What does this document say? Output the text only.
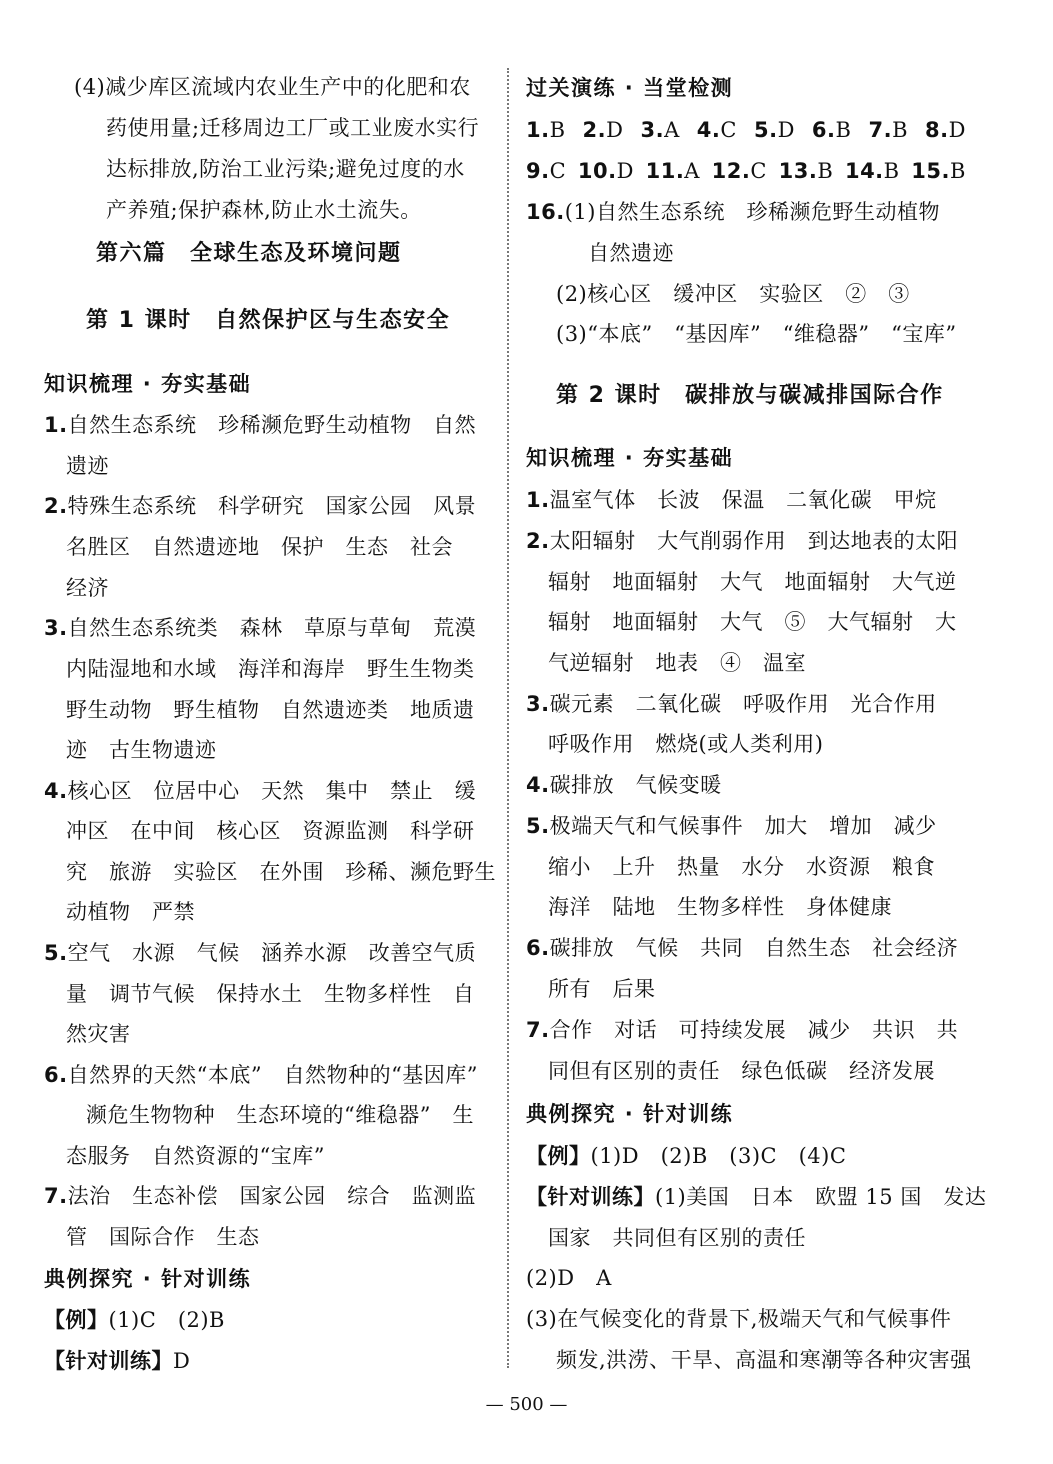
(4)减少库区流域内农业生产中的化肥和农
药使用量;迁移周边工厂或工业废水实行
达标排放,防治工业污染;避免过度的水
产养殖;保护森林,防止水土流失。
第六篇　全球生态及环境问题
第 1 课时　自然保护区与生态安全
知识梳理 · 夯实基础
1.自然生态系统　珍稀濒危野生动植物　自然
遗迹
2.特殊生态系统　科学研究　国家公园　风景
名胜区　自然遗迹地　保护　生态　社会
经济
3.自然生态系统类　森林　草原与草甸　荒漠
内陆湿地和水域　海洋和海岸　野生生物类
野生动物　野生植物　自然遗迹类　地质遗
迹　古生物遗迹
4.核心区　位居中心　天然　集中　禁止　缓
冲区　在中间　核心区　资源监测　科学研
究　旅游　实验区　在外围　珍稀、濒危野生
动植物　严禁
5.空气　水源　气候　涵养水源　改善空气质
量　调节气候　保持水土　生物多样性　自
然灾害
6.自然界的天然“本底”　自然物种的“基因库”
濒危生物物种　生态环境的“维稳器”　生
态服务　自然资源的“宝库”
7.法治　生态补偿　国家公园　综合　监测监
管　国际合作　生态
典例探究 · 针对训练
【例】(1)C　(2)B
【针对训练】D
过关演练 · 当堂检测
1.B 2.D 3.A 4.C 5.D 6.B 7.B 8.D
9.C 10.D 11.A 12.C 13.B 14.B 15.B
16.(1)自然生态系统　珍稀濒危野生动植物
自然遗迹
(2)核心区　缓冲区　实验区　②　③
(3)“本底”　“基因库”　“维稳器”　“宝库”
第 2 课时　碳排放与碳减排国际合作
知识梳理 · 夯实基础
1.温室气体　长波　保温　二氧化碳　甲烷
2.太阳辐射　大气削弱作用　到达地表的太阳
辐射　地面辐射　大气　地面辐射　大气逆
辐射　地面辐射　大气　⑤　大气辐射　大
气逆辐射　地表　④　温室
3.碳元素　二氧化碳　呼吸作用　光合作用
呼吸作用　燃烧(或人类利用)
4.碳排放　气候变暖
5.极端天气和气候事件　加大　增加　减少
缩小　上升　热量　水分　水资源　粮食
海洋　陆地　生物多样性　身体健康
6.碳排放　气候　共同　自然生态　社会经济
所有　后果
7.合作　对话　可持续发展　减少　共识　共
同但有区别的责任　绿色低碳　经济发展
典例探究 · 针对训练
【例】(1)D　(2)B　(3)C　(4)C
【针对训练】(1)美国　日本　欧盟 15 国　发达
国家　共同但有区别的责任
(2)D　A
(3)在气候变化的背景下,极端天气和气候事件
频发,洪涝、干旱、高温和寒潮等各种灾害强
— 500 —
